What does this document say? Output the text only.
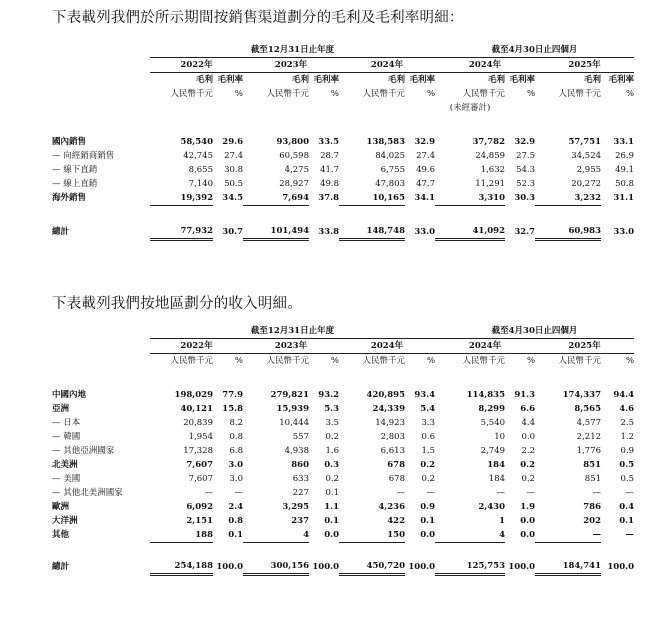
下表載列我們於所示期間按銷售渠道劃分的毛利及毛利率明細：
	截至12月31日止年度						截至4月30日止四個月			
	2022年		2023年		2024年		2024年		2025年	
	毛利	毛利率	毛利	毛利率	毛利	毛利率	毛利	毛利率	毛利	毛利率
	人民幣千元	%	人民幣千元	%	人民幣千元	%	人民幣千元	%	人民幣千元	%
							(未經審計)			

國內銷售	58,540	29.6	93,800	33.5	138,583	32.9	37,782	32.9	57,751	33.1
— 向經銷商銷售	42,745	27.4	60,598	28.7	84,025	27.4	24,859	27.5	34,524	26.9
— 線下直銷	8,655	30.8	4,275	41.7	6,755	49.6	1,632	54.3	2,955	49.1
— 線上直銷	7,140	50.5	28,927	49.8	47,803	47.7	11,291	52.3	20,272	50.8
海外銷售	19,392	34.5	7,694	37.8	10,165	34.1	3,310	30.3	3,232	31.1

總計	77,932	30.7	101,494	33.8	148,748	33.0	41,092	32.7	60,983	33.0
下表載列我們按地區劃分的收入明細。
	截至12月31日止年度						截至4月30日止四個月			
	2022年		2023年		2024年		2024年		2025年	
	人民幣千元	%	人民幣千元	%	人民幣千元	%	人民幣千元	%	人民幣千元	%

中國內地	198,029	77.9	279,821	93.2	420,895	93.4	114,835	91.3	174,337	94.4
亞洲	40,121	15.8	15,939	5.3	24,339	5.4	8,299	6.6	8,565	4.6
— 日本	20,839	8.2	10,444	3.5	14,923	3.3	5,540	4.4	4,577	2.5
— 韓國	1,954	0.8	557	0.2	2,803	0.6	10	0.0	2,212	1.2
— 其他亞洲國家	17,328	6.8	4,938	1.6	6,613	1.5	2,749	2.2	1,776	0.9
北美洲	7,607	3.0	860	0.3	678	0.2	184	0.2	851	0.5
— 美國	7,607	3.0	633	0.2	678	0.2	184	0.2	851	0.5
— 其他北美洲國家	—	—	227	0.1	—	—	—	—	—	—
歐洲	6,092	2.4	3,295	1.1	4,236	0.9	2,430	1.9	786	0.4
大洋洲	2,151	0.8	237	0.1	422	0.1	1	0.0	202	0.1
其他	188	0.1	4	0.0	150	0.0	4	0.0	—	—

總計	254,188	100.0	300,156	100.0	450,720	100.0	125,753	100.0	184,741	100.0
